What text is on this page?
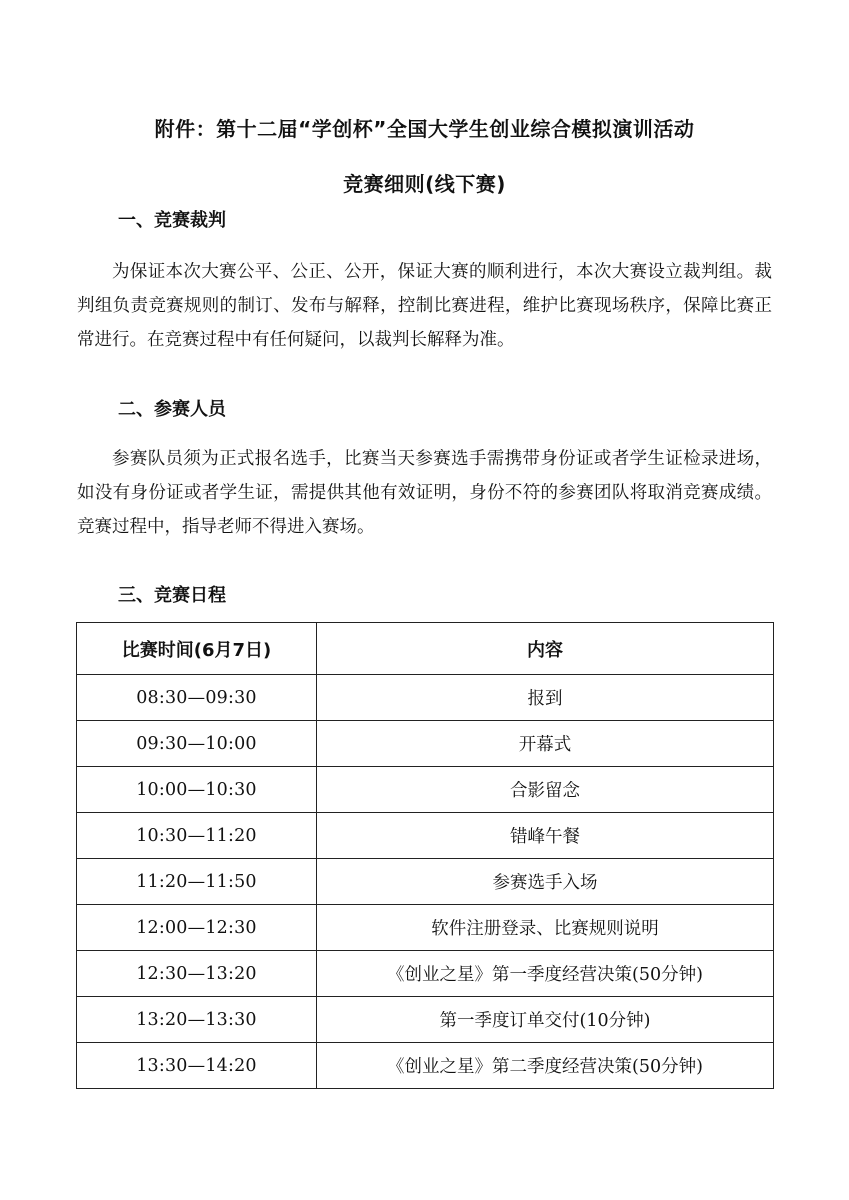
附件：第十二届“学创杯”全国大学生创业综合模拟演训活动
竞赛细则(线下赛)
一、竞赛裁判
为保证本次大赛公平、公正、公开，保证大赛的顺利进行，本次大赛设立裁判组。裁判组负责竞赛规则的制订、发布与解释，控制比赛进程，维护比赛现场秩序，保障比赛正常进行。在竞赛过程中有任何疑问，以裁判长解释为准。
二、参赛人员
参赛队员须为正式报名选手，比赛当天参赛选手需携带身份证或者学生证检录进场，如没有身份证或者学生证，需提供其他有效证明，身份不符的参赛团队将取消竞赛成绩。竞赛过程中，指导老师不得进入赛场。
三、竞赛日程
比赛时间(6月7日)	内容
08:30—09:30	报到
09:30—10:00	开幕式
10:00—10:30	合影留念
10:30—11:20	错峰午餐
11:20—11:50	参赛选手入场
12:00—12:30	软件注册登录、比赛规则说明
12:30—13:20	《创业之星》第一季度经营决策(50分钟)
13:20—13:30	第一季度订单交付(10分钟)
13:30—14:20	《创业之星》第二季度经营决策(50分钟)
